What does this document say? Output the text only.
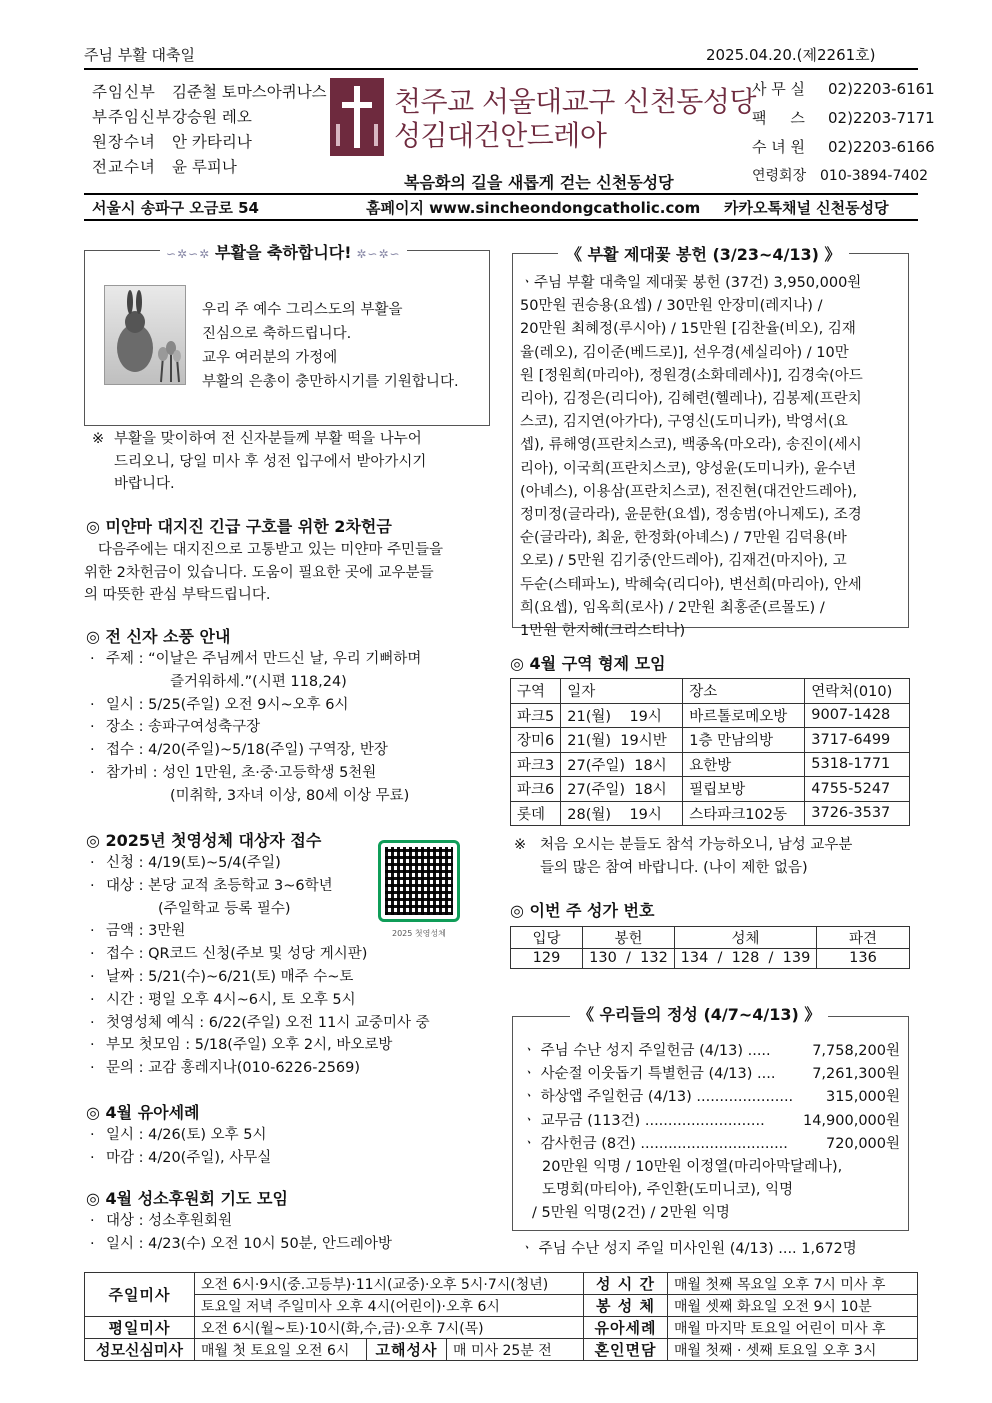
주님 부활 대축일	2025.04.20.(제2261호)
주임신부 김준철 토마스아퀴나스
부주임신부강승원 레오
원장수녀 안 카타리나
전교수녀 윤 루피나
천주교 서울대교구 신천동성당
성김대건안드레아
복음화의 길을 새롭게 걷는 신천동성당
사 무 실 02)2203-6161
팩     스 02)2203-7171
수 녀 원 02)2203-6166
연령회장 010-3894-7402
서울시 송파구 오금로 54	홈페이지 www.sincheondongcatholic.com 카카오톡채널 신천동성당
∽✲∽✲ 부활을 축하합니다! ✲∽✲∽
우리 주 예수 그리스도의 부활을
진심으로 축하드립니다.
교우 여러분의 가정에
부활의 은총이 충만하시기를 기원합니다.
※ 부활을 맞이하여 전 신자분들께 부활 떡을 나누어
드리오니, 당일 미사 후 성전 입구에서 받아가시기
바랍니다.
◎ 미얀마 대지진 긴급 구호를 위한 2차헌금
다음주에는 대지진으로 고통받고 있는 미얀마 주민들을
위한 2차헌금이 있습니다. 도움이 필요한 곳에 교우분들
의 따뜻한 관심 부탁드립니다.
◎ 전 신자 소풍 안내
· 주제 : “이날은 주님께서 만드신 날, 우리 기뻐하며
즐거워하세.”(시편 118,24)
· 일시 : 5/25(주일) 오전 9시~오후 6시
· 장소 : 송파구여성축구장
· 접수 : 4/20(주일)~5/18(주일) 구역장, 반장
· 참가비 : 성인 1만원, 초·중·고등학생 5천원
(미취학, 3자녀 이상, 80세 이상 무료)
◎ 2025년 첫영성체 대상자 접수
2025 첫영성체
· 신청 : 4/19(토)~5/4(주일)
· 대상 : 본당 교적 초등학교 3~6학년
(주일학교 등록 필수)
· 금액 : 3만원
· 접수 : QR코드 신청(주보 및 성당 게시판)
· 날짜 : 5/21(수)~6/21(토) 매주 수~토
· 시간 : 평일 오후 4시~6시, 토 오후 5시
· 첫영성체 예식 : 6/22(주일) 오전 11시 교중미사 중
· 부모 첫모임 : 5/18(주일) 오후 2시, 바오로방
· 문의 : 교감 홍레지나(010-6226-2569)
◎ 4월 유아세례
· 일시 : 4/26(토) 오후 5시
· 마감 : 4/20(주일), 사무실
◎ 4월 성소후원회 기도 모임
· 대상 : 성소후원회원
· 일시 : 4/23(수) 오전 10시 50분, 안드레아방
《 부활 제대꽃 봉헌 (3/23~4/13) 》
ㆍ주님 부활 대축일 제대꽃 봉헌 (37건) 3,950,000원
50만원 권승용(요셉) / 30만원 안장미(레지나) /
20만원 최혜정(루시아) / 15만원 [김찬율(비오), 김재
율(레오), 김이준(베드로)], 선우경(세실리아) / 10만
원 [정원희(마리아), 정원경(소화데레사)], 김경숙(아드
리아), 김정은(리디아), 김혜련(헬레나), 김봉제(프란치
스코), 김지연(아가다), 구영신(도미니카), 박영서(요
셉), 류해영(프란치스코), 백종옥(마오라), 송진이(세시
리아), 이국희(프란치스코), 양성윤(도미니카), 윤수년
(아녜스), 이용삼(프란치스코), 전진현(대건안드레아),
정미정(글라라), 윤문한(요셉), 정송범(아니제도), 조경
순(글라라), 최윤, 한정화(아녜스) / 7만원 김덕용(바
오로) / 5만원 김기중(안드레아), 김재건(마지아), 고
두순(스테파노), 박혜숙(리디아), 변선희(마리아), 안세
희(요셉), 임옥희(로사) / 2만원 최홍준(르몰도) /
1만원 한지혜(크리스티나)
◎ 4월 구역 형제 모임
구역	일자	장소	연락처(010)
파크5	21(월)    19시	바르톨로메오방	9007-1428
장미6	21(월)  19시반	1층 만남의방	3717-6499
파크3	27(주일)  18시	요한방	5318-1771
파크6	27(주일)  18시	필립보방	4755-5247
롯데	28(월)    19시	스타파크102동	3726-3537
※ 처음 오시는 분들도 참석 가능하오니, 남성 교우분
들의 많은 참여 바랍니다. (나이 제한 없음)
◎ 이번 주 성가 번호
입당	봉헌	성체	파견
129	130  /  132	134  /  128  /  139	136
《 우리들의 정성 (4/7~4/13) 》
ㆍ 주님 수난 성지 주일헌금 (4/13) .....	7,758,200원
ㆍ 사순절 이웃돕기 특별헌금 (4/13) ....	7,261,300원
ㆍ 하상앱 주일헌금 (4/13) ..................... 315,000원
ㆍ 교무금 (113건) ..........................	14,900,000원
ㆍ 감사헌금 (8건) ................................	720,000원
20만원 익명 / 10만원 이정열(마리아막달레나),
도명회(마티아), 주인환(도미니코), 익명
/ 5만원 익명(2건) / 2만원 익명
ㆍ 주님 수난 성지 주일 미사인원 (4/13) .... 1,672명
주일미사	오전 6시·9시(중.고등부)·11시(교중)·오후 5시·7시(청년)			성 시 간	매월 첫째 목요일 오후 7시 미사 후
	토요일 저녁 주일미사 오후 4시(어린이)·오후 6시			봉 성 체	매월 셋째 화요일 오전 9시 10분
평일미사	오전 6시(월~토)·10시(화,수,금)·오후 7시(목)			유아세례	매월 마지막 토요일 어린이 미사 후
성모신심미사	매월 첫 토요일 오전 6시	고해성사	매 미사 25분 전	혼인면담	매월 첫째 · 셋째 토요일 오후 3시
